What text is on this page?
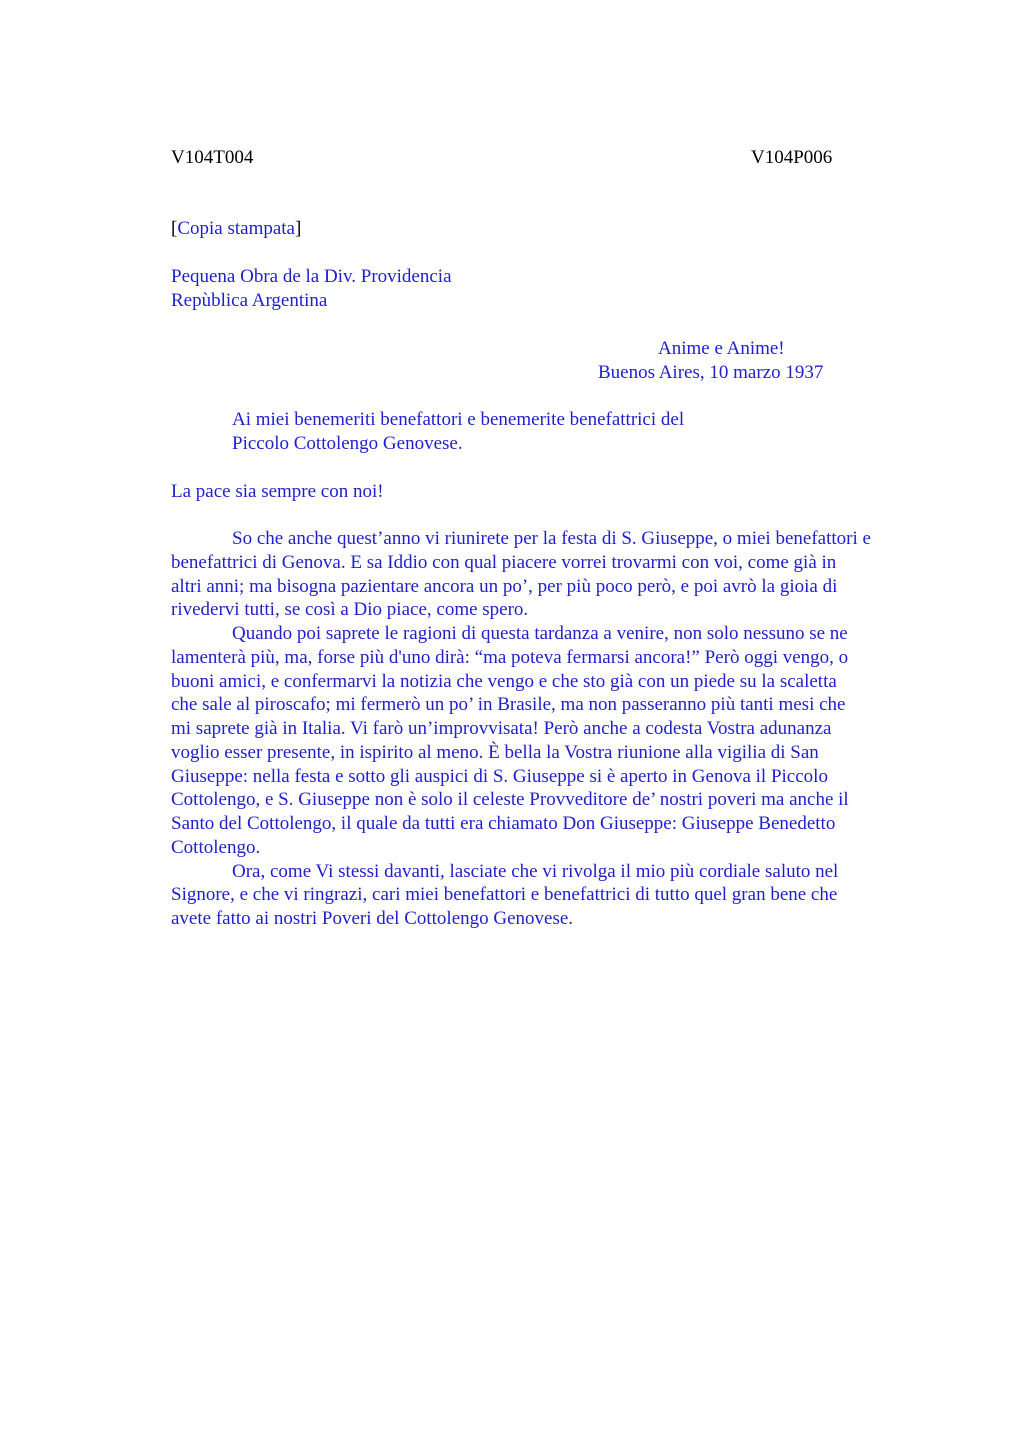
V104T004	V104P006
[Copia stampata]
Pequena Obra de la Div. Providencia
Repùblica Argentina
Anime e Anime!
Buenos Aires, 10 marzo 1937
Ai miei benemeriti benefattori e benemerite benefattrici del
Piccolo Cottolengo Genovese.
La pace sia sempre con noi!
So che anche quest’anno vi riunirete per la festa di S. Giuseppe, o miei benefattori e
benefattrici di Genova. E sa Iddio con qual piacere vorrei trovarmi con voi, come già in
altri anni; ma bisogna pazientare ancora un po’, per più poco però, e poi avrò la gioia di
rivedervi tutti, se così a Dio piace, come spero.
Quando poi saprete le ragioni di questa tardanza a venire, non solo nessuno se ne
lamenterà più, ma, forse più d'uno dirà: “ma poteva fermarsi ancora!” Però oggi vengo, o
buoni amici, e confermarvi la notizia che vengo e che sto già con un piede su la scaletta
che sale al piroscafo; mi fermerò un po’ in Brasile, ma non passeranno più tanti mesi che
mi saprete già in Italia. Vi farò un’improvvisata! Però anche a codesta Vostra adunanza
voglio esser presente, in ispirito al meno. È bella la Vostra riunione alla vigilia di San
Giuseppe: nella festa e sotto gli auspici di S. Giuseppe si è aperto in Genova il Piccolo
Cottolengo, e S. Giuseppe non è solo il celeste Provveditore de’ nostri poveri ma anche il
Santo del Cottolengo, il quale da tutti era chiamato Don Giuseppe: Giuseppe Benedetto
Cottolengo.
Ora, come Vi stessi davanti, lasciate che vi rivolga il mio più cordiale saluto nel
Signore, e che vi ringrazi, cari miei benefattori e benefattrici di tutto quel gran bene che
avete fatto ai nostri Poveri del Cottolengo Genovese.
